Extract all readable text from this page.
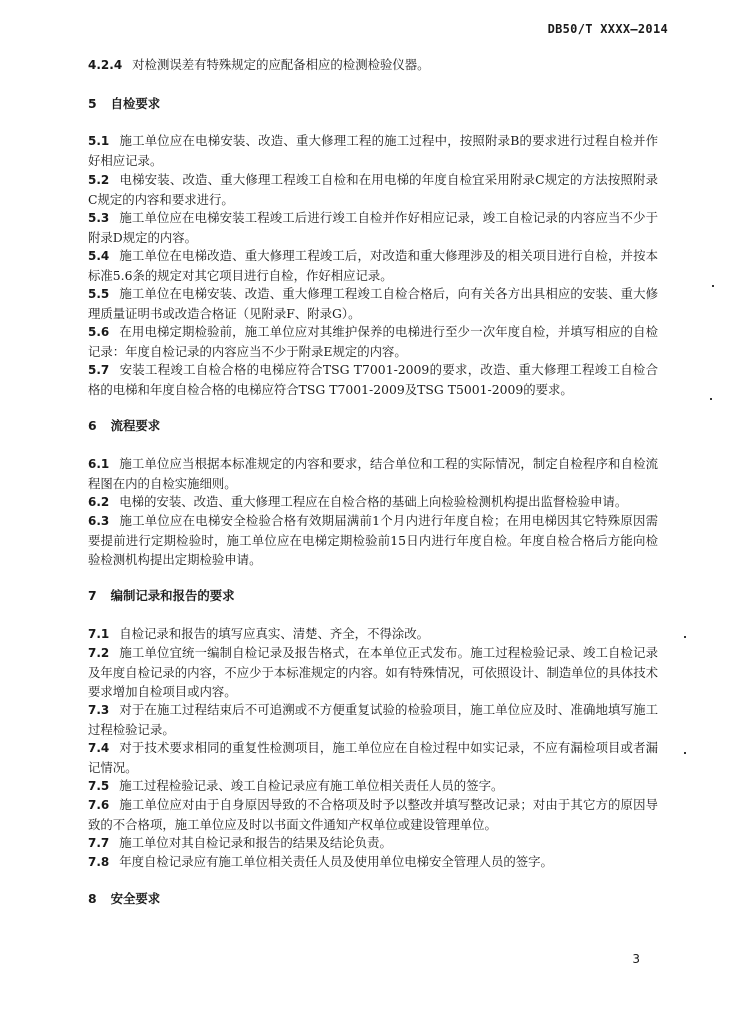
DB50/T XXXX—2014
4.2.4 对检测误差有特殊规定的应配备相应的检测检验仪器。
5 自检要求
5.1 施工单位应在电梯安装、改造、重大修理工程的施工过程中，按照附录B的要求进行过程自检并作好相应记录。
5.2 电梯安装、改造、重大修理工程竣工自检和在用电梯的年度自检宜采用附录C规定的方法按照附录C规定的内容和要求进行。
5.3 施工单位应在电梯安装工程竣工后进行竣工自检并作好相应记录，竣工自检记录的内容应当不少于附录D规定的内容。
5.4 施工单位在电梯改造、重大修理工程竣工后，对改造和重大修理涉及的相关项目进行自检，并按本标准5.6条的规定对其它项目进行自检，作好相应记录。
5.5 施工单位在电梯安装、改造、重大修理工程竣工自检合格后，向有关各方出具相应的安装、重大修理质量证明书或改造合格证（见附录F、附录G）。
5.6 在用电梯定期检验前，施工单位应对其维护保养的电梯进行至少一次年度自检，并填写相应的自检记录：年度自检记录的内容应当不少于附录E规定的内容。
5.7 安装工程竣工自检合格的电梯应符合TSG T7001-2009的要求，改造、重大修理工程竣工自检合格的电梯和年度自检合格的电梯应符合TSG T7001-2009及TSG T5001-2009的要求。
6 流程要求
6.1 施工单位应当根据本标准规定的内容和要求，结合单位和工程的实际情况，制定自检程序和自检流程图在内的自检实施细则。
6.2 电梯的安装、改造、重大修理工程应在自检合格的基础上向检验检测机构提出监督检验申请。
6.3 施工单位应在电梯安全检验合格有效期届满前1个月内进行年度自检；在用电梯因其它特殊原因需要提前进行定期检验时，施工单位应在电梯定期检验前15日内进行年度自检。年度自检合格后方能向检验检测机构提出定期检验申请。
7 编制记录和报告的要求
7.1 自检记录和报告的填写应真实、清楚、齐全，不得涂改。
7.2 施工单位宜统一编制自检记录及报告格式，在本单位正式发布。施工过程检验记录、竣工自检记录及年度自检记录的内容，不应少于本标准规定的内容。如有特殊情况，可依照设计、制造单位的具体技术要求增加自检项目或内容。
7.3 对于在施工过程结束后不可追溯或不方便重复试验的检验项目，施工单位应及时、准确地填写施工过程检验记录。
7.4 对于技术要求相同的重复性检测项目，施工单位应在自检过程中如实记录，不应有漏检项目或者漏记情况。
7.5 施工过程检验记录、竣工自检记录应有施工单位相关责任人员的签字。
7.6 施工单位应对由于自身原因导致的不合格项及时予以整改并填写整改记录；对由于其它方的原因导致的不合格项，施工单位应及时以书面文件通知产权单位或建设管理单位。
7.7 施工单位对其自检记录和报告的结果及结论负责。
7.8 年度自检记录应有施工单位相关责任人员及使用单位电梯安全管理人员的签字。
8 安全要求
3
